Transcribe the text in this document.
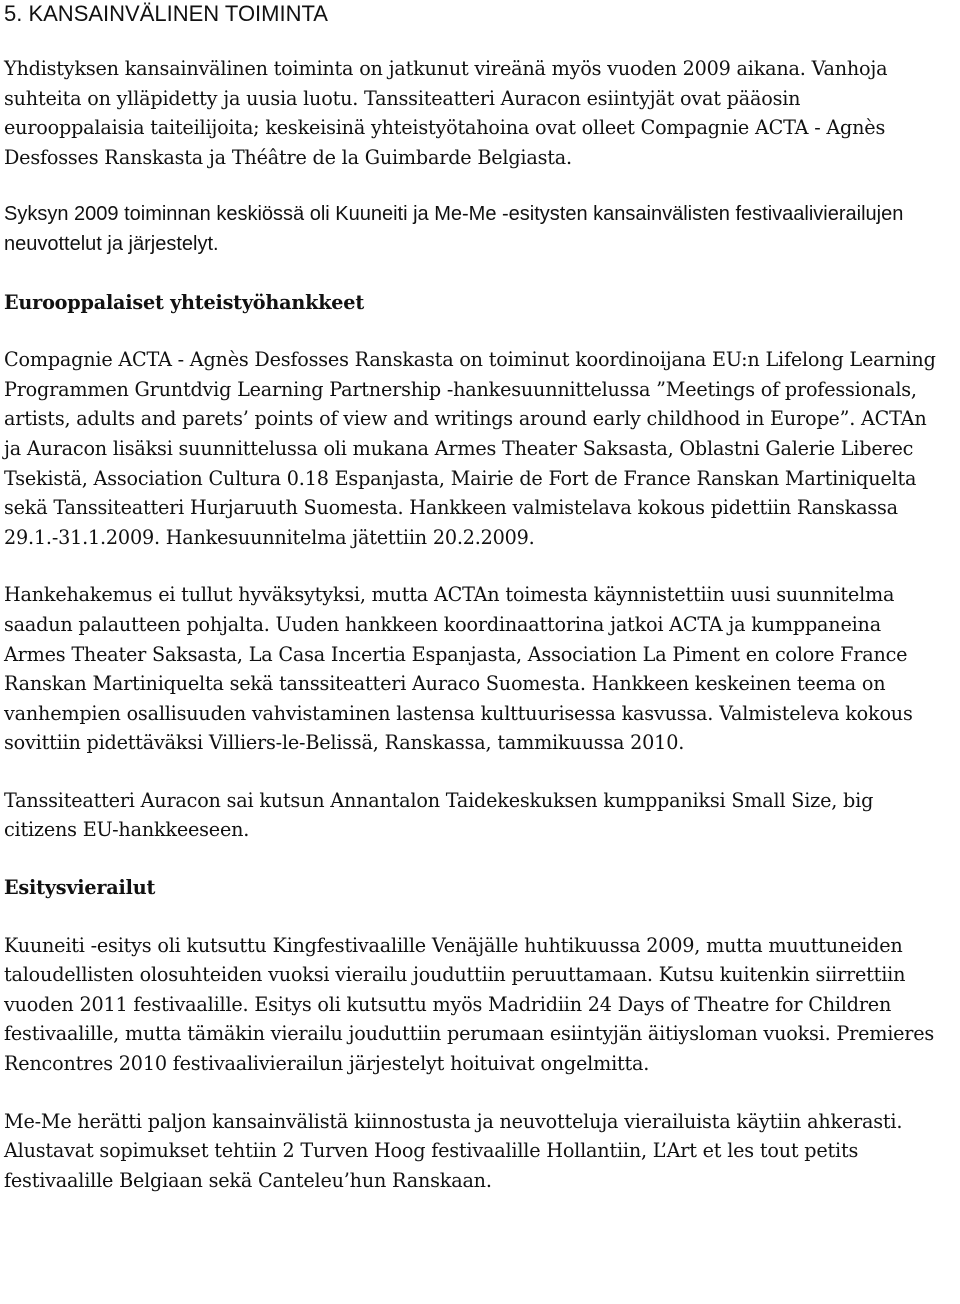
5. KANSAINVÄLINEN TOIMINTA

Yhdistyksen kansainvälinen toiminta on jatkunut vireänä myös vuoden 2009 aikana. Vanhoja suhteita on ylläpidetty ja uusia luotu. Tanssiteatteri Auracon esiintyjät ovat pääosin eurooppalaisia taiteilijoita; keskeisinä yhteistyötahoina ovat olleet Compagnie ACTA - Agnès Desfosses Ranskasta ja Théâtre de la Guimbarde Belgiasta.

Syksyn 2009 toiminnan keskiössä oli Kuuneiti ja Me-Me -esitysten kansainvälisten festivaalivierailujen neuvottelut ja järjestelyt.

Eurooppalaiset yhteistyöhankkeet

Compagnie ACTA - Agnès Desfosses Ranskasta on toiminut koordinoijana EU:n Lifelong Learning Programmen Gruntdvig Learning Partnership -hankesuunnittelussa ”Meetings of professionals, artists, adults and parets’ points of view and writings around early childhood in Europe”. ACTAn ja Auracon lisäksi suunnittelussa oli mukana Armes Theater Saksasta, Oblastni Galerie Liberec Tsekistä, Association Cultura 0.18 Espanjasta, Mairie de Fort de France Ranskan Martiniquelta sekä Tanssiteatteri Hurjaruuth Suomesta. Hankkeen valmistelava kokous pidettiin Ranskassa 29.1.-31.1.2009. Hankesuunnitelma jätettiin 20.2.2009.

Hankehakemus ei tullut hyväksytyksi, mutta ACTAn toimesta käynnistettiin uusi suunnitelma saadun palautteen pohjalta. Uuden hankkeen koordinaattorina jatkoi ACTA ja kumppaneina Armes Theater Saksasta, La Casa Incertia Espanjasta, Association La Piment en colore France Ranskan Martiniquelta sekä tanssiteatteri Auraco Suomesta. Hankkeen keskeinen teema on vanhempien osallisuuden vahvistaminen lastensa kulttuurisessa kasvussa. Valmisteleva kokous sovittiin pidettäväksi Villiers-le-Belissä, Ranskassa, tammikuussa 2010.

Tanssiteatteri Auracon sai kutsun Annantalon Taidekeskuksen kumppaniksi Small Size, big citizens EU-hankkeeseen.

Esitysvierailut

Kuuneiti -esitys oli kutsuttu Kingfestivaalille Venäjälle huhtikuussa 2009, mutta muuttuneiden taloudellisten olosuhteiden vuoksi vierailu jouduttiin peruuttamaan. Kutsu kuitenkin siirrettiin vuoden 2011 festivaalille. Esitys oli kutsuttu myös Madridiin 24 Days of Theatre for Children festivaalille, mutta tämäkin vierailu jouduttiin perumaan esiintyjän äitiysloman vuoksi. Premieres Rencontres 2010 festivaalivierailun järjestelyt hoituivat ongelmitta.

Me-Me herätti paljon kansainvälistä kiinnostusta ja neuvotteluja vierailuista käytiin ahkerasti. Alustavat sopimukset tehtiin 2 Turven Hoog festivaalille Hollantiin, L’Art et les tout petits festivaalille Belgiaan sekä Canteleu’hun Ranskaan.
